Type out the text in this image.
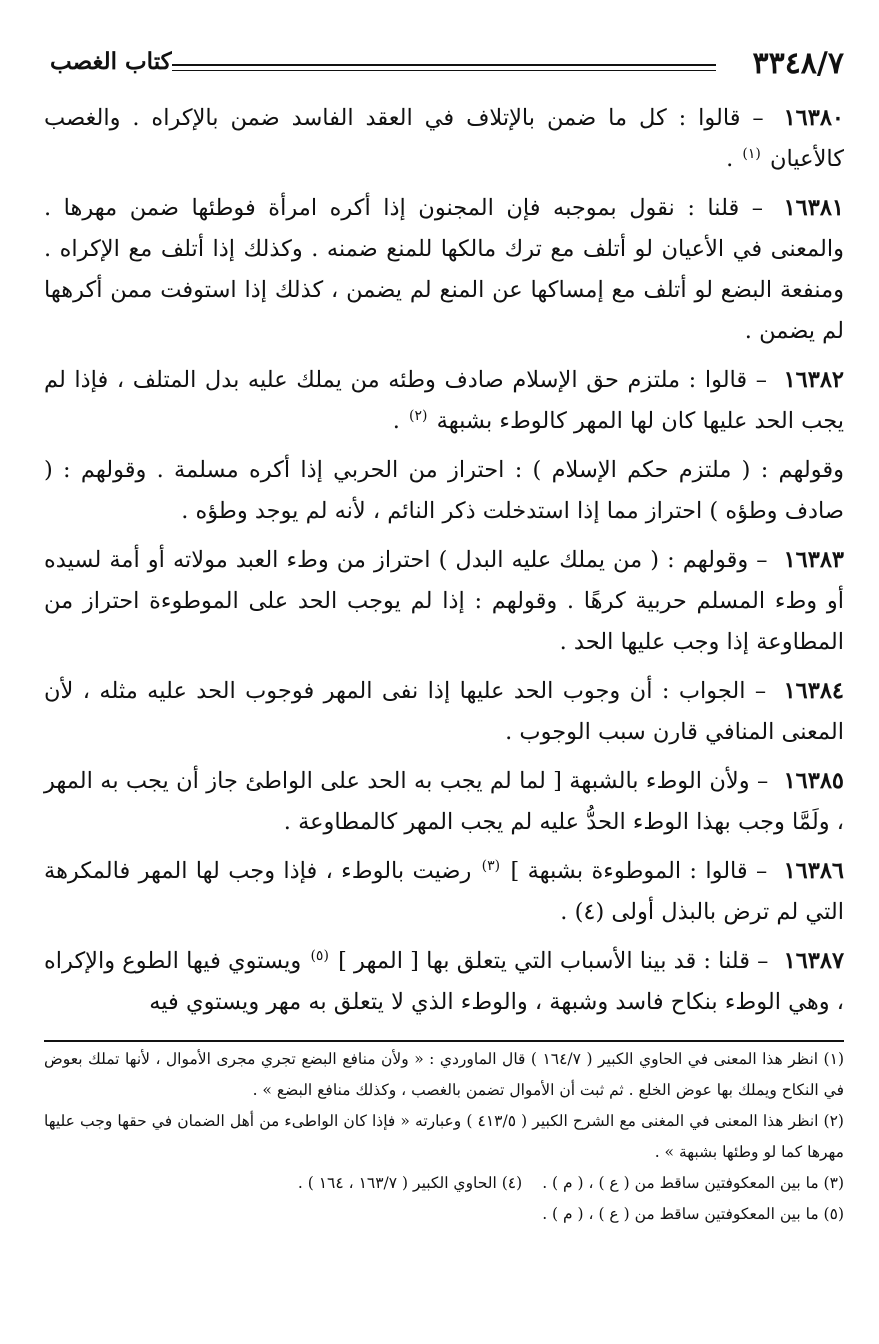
٣٣٤٨/٧
كتاب الغصب

١٦٣٨٠ – قالوا : كل ما ضمن بالإتلاف في العقد الفاسد ضمن بالإكراه . والغصب كالأعيان $^{(١)}$ .

١٦٣٨١ – قلنا : نقول بموجبه فإن المجنون إذا أكره امرأة فوطئها ضمن مهرها . والمعنى في الأعيان لو أتلف مع ترك مالكها للمنع ضمنه . وكذلك إذا أتلف مع الإكراه . ومنفعة البضع لو أتلف مع إمساكها عن المنع لم يضمن ، كذلك إذا استوفت ممن أكرهها لم يضمن .

١٦٣٨٢ – قالوا : ملتزم حق الإسلام صادف وطئه من يملك عليه بدل المتلف ، فإذا لم يجب الحد عليها كان لها المهر كالوطء بشبهة $^{(٢)}$ .

وقولهم : ( ملتزم حكم الإسلام ) : احتراز من الحربي إذا أكره مسلمة . وقولهم : ( صادف وطؤه ) احتراز مما إذا استدخلت ذكر النائم ، لأنه لم يوجد وطؤه .

١٦٣٨٣ – وقولهم : ( من يملك عليه البدل ) احتراز من وطء العبد مولاته أو أمة لسيده أو وطء المسلم حربية كرهًا . وقولهم : إذا لم يوجب الحد على الموطوءة احتراز من المطاوعة إذا وجب عليها الحد .

١٦٣٨٤ – الجواب : أن وجوب الحد عليها إذا نفى المهر فوجوب الحد عليه مثله ، لأن المعنى المنافي قارن سبب الوجوب .

١٦٣٨٥ – ولأن الوطء بالشبهة [ لما لم يجب به الحد على الواطئ جاز أن يجب به المهر ، ولَمَّا وجب بهذا الوطء الحدُّ عليه لم يجب المهر كالمطاوعة .

١٦٣٨٦ – قالوا : الموطوءة بشبهة ] $^{(٣)}$ رضيت بالوطء ، فإذا وجب لها المهر فالمكرهة التي لم ترض بالبذل أولى (٤) .

١٦٣٨٧ – قلنا : قد بينا الأسباب التي يتعلق بها [ المهر ] $^{(٥)}$ ويستوي فيها الطوع والإكراه ، وهي الوطء بنكاح فاسد وشبهة ، والوطء الذي لا يتعلق به مهر ويستوي فيه

(١) انظر هذا المعنى في الحاوي الكبير ( ١٦٤/٧ ) قال الماوردي : « ولأن منافع البضع تجري مجرى الأموال ، لأنها تملك بعوض في النكاح ويملك بها عوض الخلع . ثم ثبت أن الأموال تضمن بالغصب ، وكذلك منافع البضع » .

(٢) انظر هذا المعنى في المغنى مع الشرح الكبير ( ٤١٣/٥ ) وعبارته « فإذا كان الواطىء من أهل الضمان في حقها وجب عليها مهرها كما لو وطئها بشبهة » .

(٣) ما بين المعكوفتين ساقط من ( ع ) ، ( م ) .

(٤) الحاوي الكبير ( ١٦٣/٧ ، ١٦٤ ) .

(٥) ما بين المعكوفتين ساقط من ( ع ) ، ( م ) .
